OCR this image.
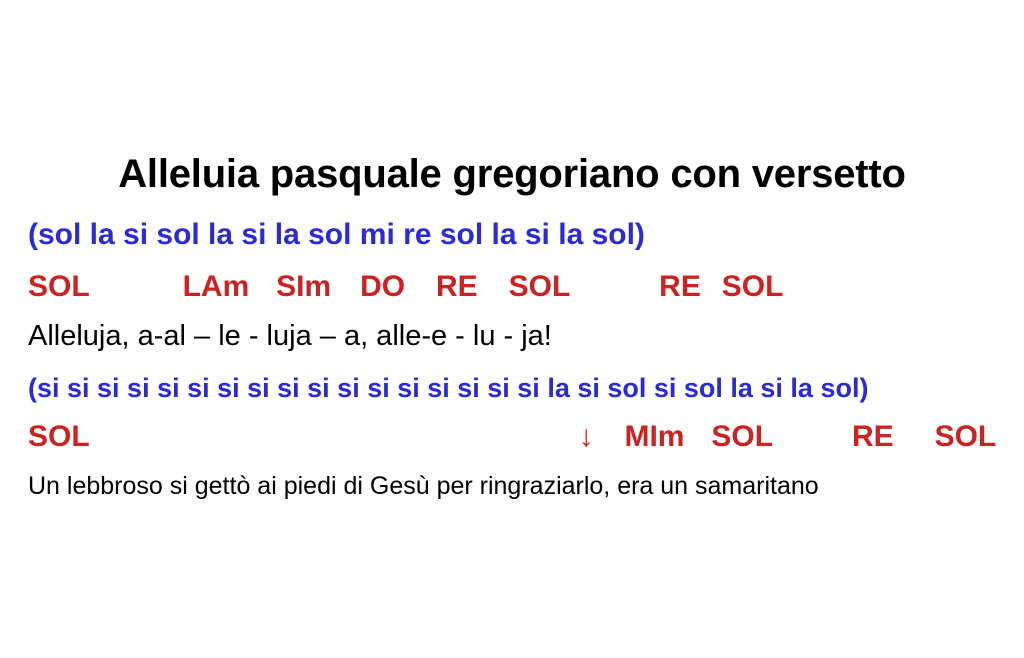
Alleluia pasquale gregoriano con versetto
(sol la si sol la si la sol mi re sol la si la sol)
SOL	LAm SIm DO RE SOL	RE SOL
Alleluja, a-al – le - luja – a, alle-e - lu - ja!
(si si si si si si si si si si si si si si si si si la si sol si sol la si la sol)
SOL	↓ MIm SOL	RE SOL
Un lebbroso si gettò ai piedi di Gesù per ringraziarlo, era un samaritano
